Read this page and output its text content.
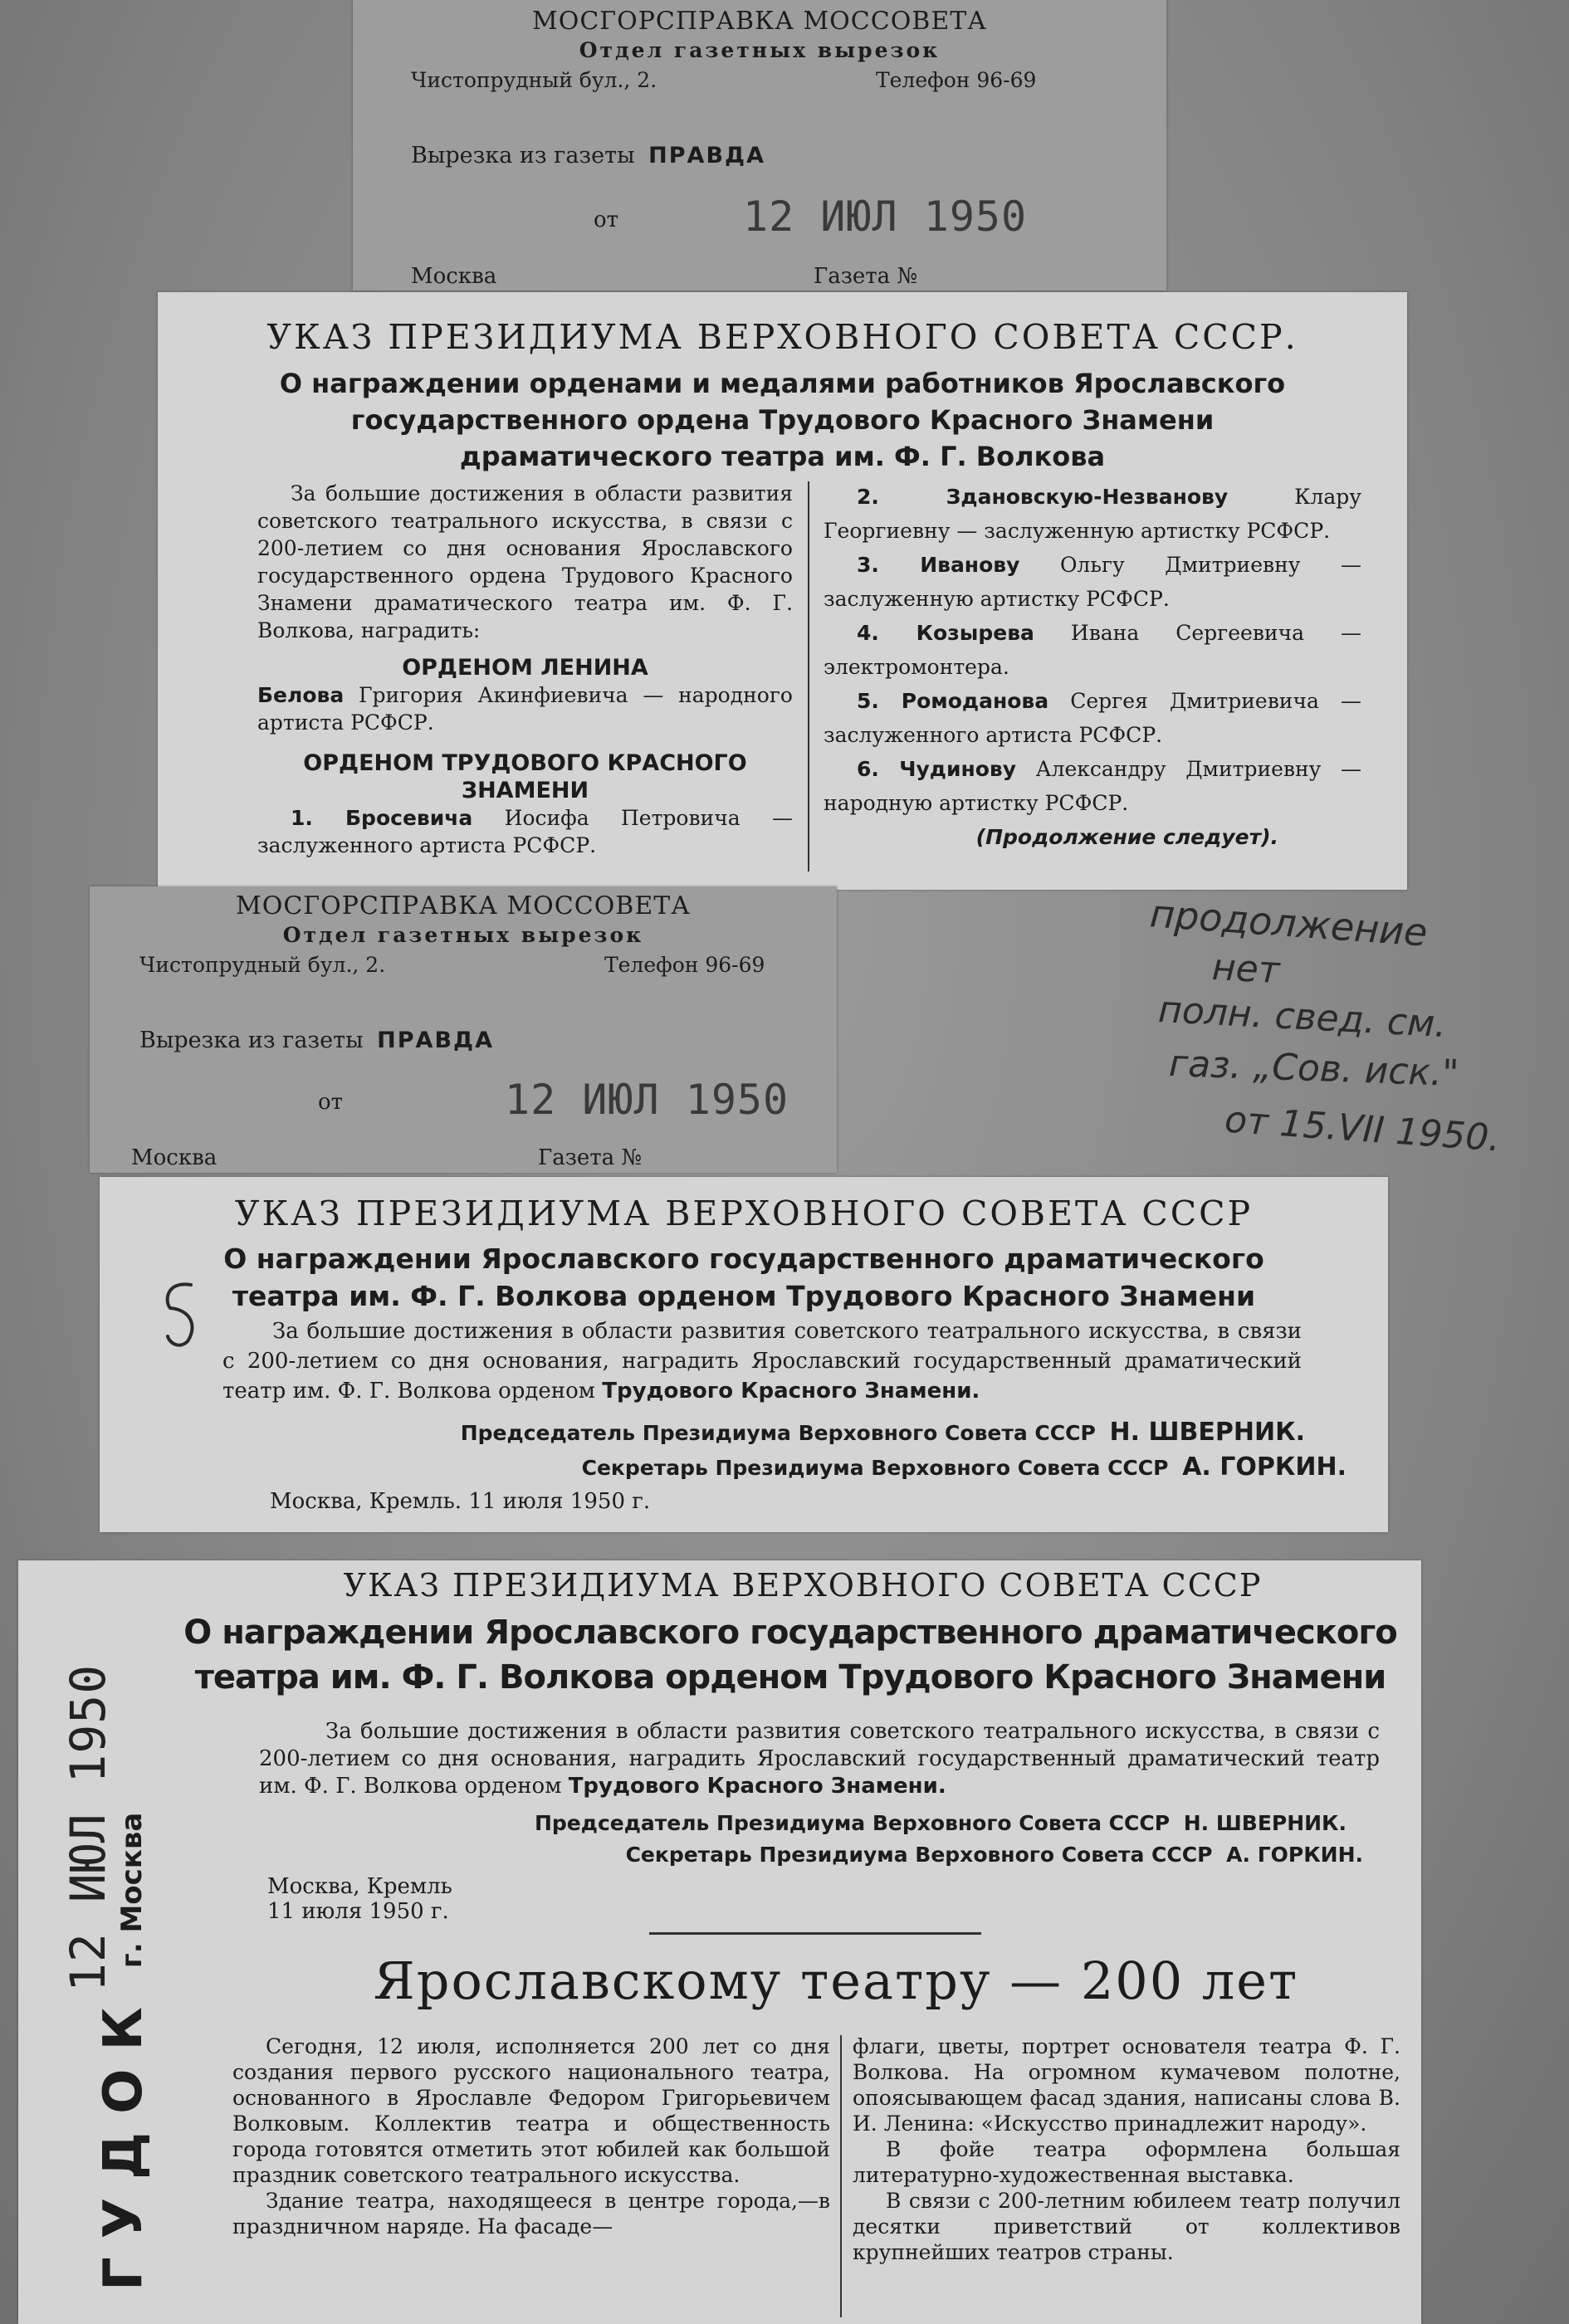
МОСГОРСПРАВКА МОССОВЕТА
Отдел газетных вырезок
Чистопрудный бул., 2.	Телефон 96-69
Вырезка из газеты ПРАВДА
от	12 ИЮЛ 1950
Москва	Газета №
УКАЗ ПРЕЗИДИУМА ВЕРХОВНОГО СОВЕТА СССР.
О награждении орденами и медалями работников Ярославского
государственного ордена Трудового Красного Знамени
драматического театра им. Ф. Г. Волкова

За большие достижения в области развития советского театрального искусства, в связи с 200-летием со дня основания Ярославского государственного ордена Трудового Красного Знамени драматического театра им. Ф. Г. Волкова, наградить:

ОРДЕНОМ ЛЕНИНА

Белова Григория Акинфиевича — народного артиста РСФСР.

ОРДЕНОМ ТРУДОВОГО КРАСНОГО ЗНАМЕНИ

1. Бросевича Иосифа Петровича — заслуженного артиста РСФСР.

2. Здановскую-Незванову Клару Георгиевну — заслуженную артистку РСФСР.

3. Иванову Ольгу Дмитриевну — заслуженную артистку РСФСР.

4. Козырева Ивана Сергеевича — электромонтера.

5. Ромоданова Сергея Дмитриевича — заслуженного артиста РСФСР.

6. Чудинову Александру Дмитриевну — народную артистку РСФСР.

(Продолжение следует).

МОСГОРСПРАВКА МОССОВЕТА
Отдел газетных вырезок
Чистопрудный бул., 2.	Телефон 96-69
Вырезка из газеты ПРАВДА
от	12 ИЮЛ 1950
Москва	Газета №
продолжение
нет
полн. свед. см.
газ. „Сов. иск."
от 15.VII 1950.
УКАЗ ПРЕЗИДИУМА ВЕРХОВНОГО СОВЕТА СССР
О награждении Ярославского государственного драматического
театра им. Ф. Г. Волкова орденом Трудового Красного Знамени

За большие достижения в области развития советского театрального искусства, в связи с 200-летием со дня основания, наградить Ярославский государственный драматический театр им. Ф. Г. Волкова орденом Трудового Красного Знамени.

Председатель Президиума Верховного Совета СССР Н. ШВЕРНИК.
Секретарь Президиума Верховного Совета СССР А. ГОРКИН.
Москва, Кремль. 11 июля 1950 г.
ГУДОК г. Москва
12 ИЮЛ 1950
УКАЗ ПРЕЗИДИУМА ВЕРХОВНОГО СОВЕТА СССР
О награждении Ярославского государственного драматического
театра им. Ф. Г. Волкова орденом Трудового Красного Знамени

За большие достижения в области развития советского театрального искусства, в связи с 200-летием со дня основания, наградить Ярославский государственный драматический театр им. Ф. Г. Волкова орденом Трудового Красного Знамени.

Председатель Президиума Верховного Совета СССР Н. ШВЕРНИК.
Секретарь Президиума Верховного Совета СССР А. ГОРКИН.
Москва, Кремль
11 июля 1950 г.
Ярославскому театру — 200 лет

Сегодня, 12 июля, исполняется 200 лет со дня создания первого русского национального театра, основанного в Ярославле Федором Григорьевичем Волковым. Коллектив театра и общественность города готовятся отметить этот юбилей как большой праздник советского театрального искусства.

Здание театра, находящееся в центре города,—в праздничном наряде. На фасаде—

флаги, цветы, портрет основателя театра Ф. Г. Волкова. На огромном кумачевом полотне, опоясывающем фасад здания, написаны слова В. И. Ленина: «Искусство принадлежит народу».

В фойе театра оформлена большая литературно-художественная выставка.

В связи с 200-летним юбилеем театр получил десятки приветствий от коллективов крупнейших театров страны.
